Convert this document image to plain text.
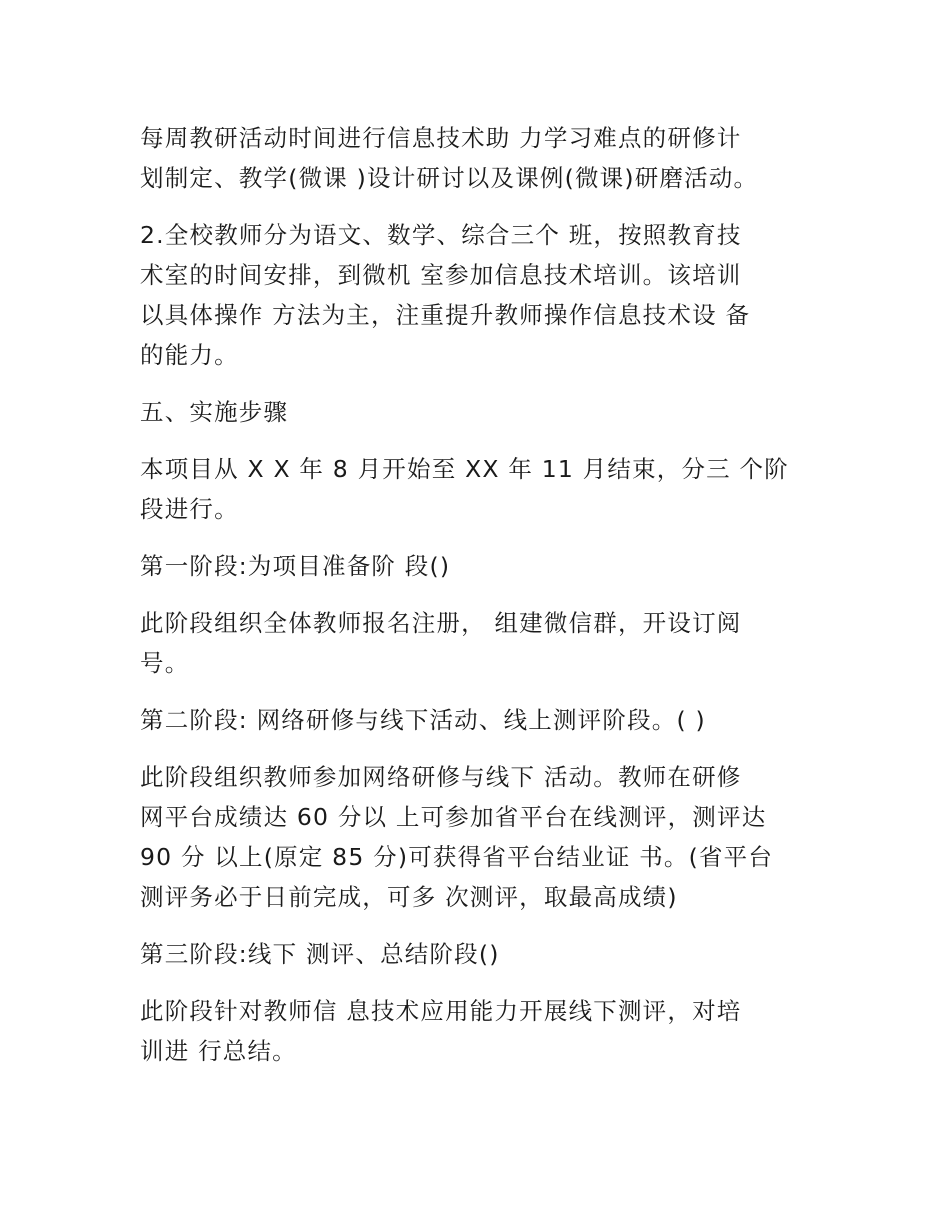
每周教研活动时间进行信息技术助 力学习难点的研修计
划制定、教学(微课 )设计研讨以及课例(微课)研磨活动。

2.全校教师分为语文、数学、综合三个 班，按照教育技
术室的时间安排，到微机 室参加信息技术培训。该培训
以具体操作 方法为主，注重提升教师操作信息技术设 备
的能力。

五、实施步骤

本项目从 X X 年 8 月开始至 XX 年 11 月结束，分三 个阶
段进行。

第一阶段:为项目准备阶 段()

此阶段组织全体教师报名注册， 组建微信群，开设订阅
号。

第二阶段: 网络研修与线下活动、线上测评阶段。( )

此阶段组织教师参加网络研修与线下 活动。教师在研修
网平台成绩达 60 分以 上可参加省平台在线测评，测评达
90 分 以上(原定 85 分)可获得省平台结业证 书。(省平台
测评务必于日前完成，可多 次测评，取最高成绩)

第三阶段:线下 测评、总结阶段()

此阶段针对教师信 息技术应用能力开展线下测评，对培
训进 行总结。
